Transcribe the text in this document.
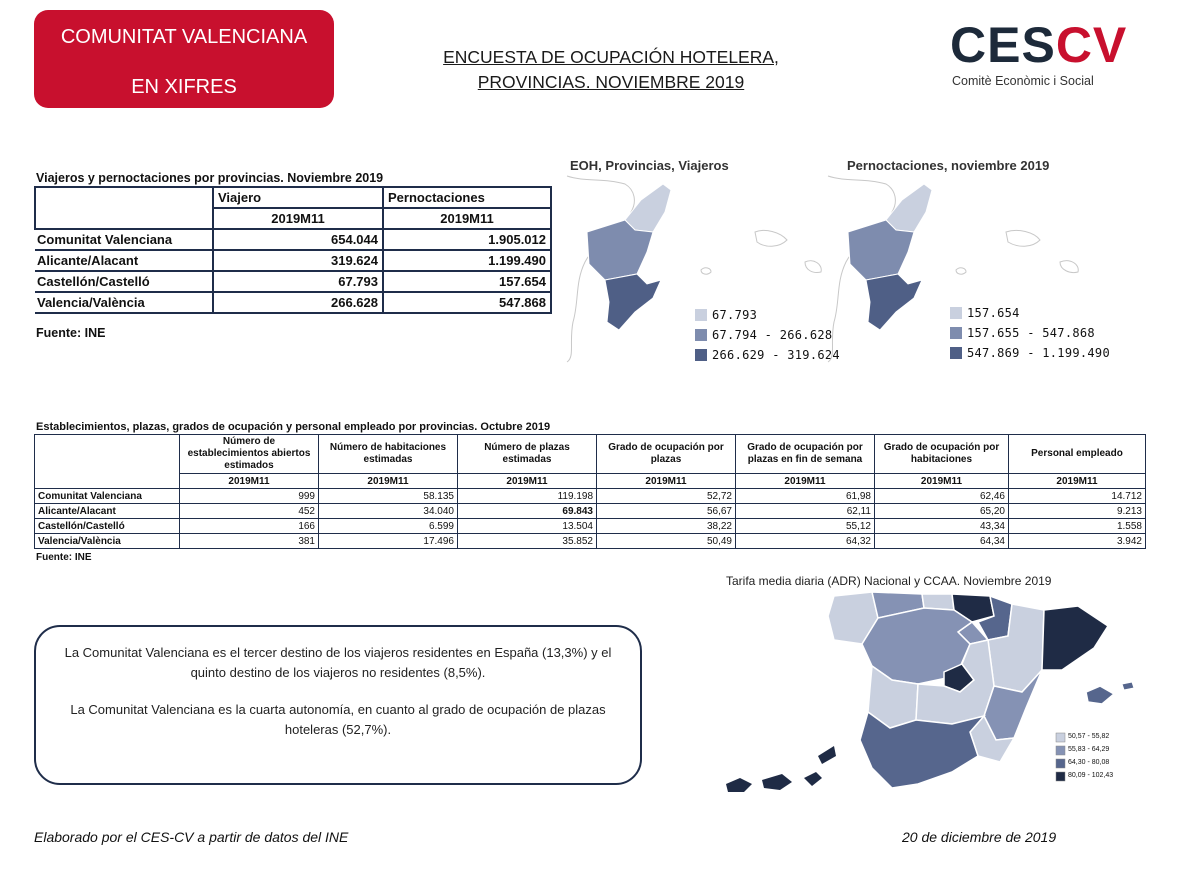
COMUNITAT VALENCIANA
EN XIFRES
ENCUESTA DE OCUPACIÓN HOTELERA,
PROVINCIAS. NOVIEMBRE 2019
CESCV
Comitè Econòmic i Social
Viajeros y pernoctaciones por provincias. Noviembre 2019
	Viajero	Pernoctaciones
	2019M11	2019M11
Comunitat Valenciana	654.044	1.905.012
Alicante/Alacant	319.624	1.199.490
Castellón/Castelló	67.793	157.654
Valencia/València	266.628	547.868
Fuente: INE
EOH, Provincias, Viajeros
67.793
67.794 - 266.628
266.629 - 319.624
Pernoctaciones, noviembre 2019
157.654
157.655 - 547.868
547.869 - 1.199.490
Establecimientos, plazas, grados de ocupación y personal empleado por provincias. Octubre 2019
	Número de establecimientos abiertos estimados	Número de habitaciones estimadas	Número de plazas estimadas	Grado de ocupación por plazas	Grado de ocupación por plazas en fin de semana	Grado de ocupación por habitaciones	Personal empleado
	2019M11	2019M11	2019M11	2019M11	2019M11	2019M11	2019M11
Comunitat Valenciana	999	58.135	119.198	52,72	61,98	62,46	14.712
Alicante/Alacant	452	34.040	69.843	56,67	62,11	65,20	9.213
Castellón/Castelló	166	6.599	13.504	38,22	55,12	43,34	1.558
Valencia/València	381	17.496	35.852	50,49	64,32	64,34	3.942
Fuente: INE
La Comunitat Valenciana es el tercer destino de los viajeros residentes en España (13,3%) y el quinto destino de los viajeros no residentes (8,5%).
La Comunitat Valenciana es la cuarta autonomía, en cuanto al grado de ocupación de plazas hoteleras (52,7%).
Tarifa media diaria (ADR) Nacional y CCAA. Noviembre 2019
50,57 - 55,82
55,83 - 64,29
64,30 - 80,08
80,09 - 102,43
Elaborado por el CES-CV a partir de datos del INE	20 de diciembre de 2019
